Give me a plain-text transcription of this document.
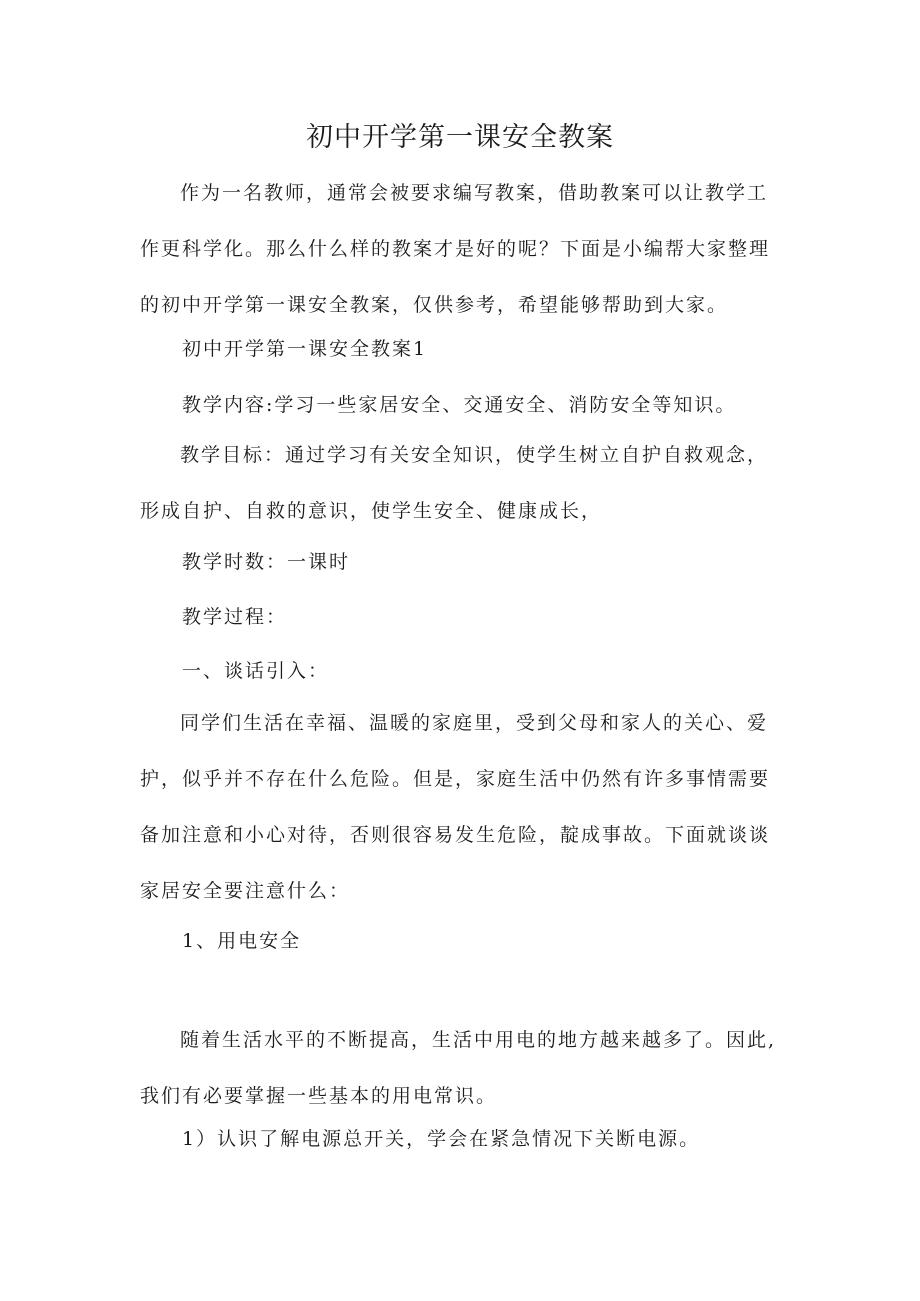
初中开学第一课安全教案

作为一名教师，通常会被要求编写教案，借助教案可以让教学工作更科学化。那么什么样的教案才是好的呢？下面是小编帮大家整理的初中开学第一课安全教案，仅供参考，希望能够帮助到大家。

初中开学第一课安全教案1
教学内容:学习一些家居安全、交通安全、消防安全等知识。

教学目标：通过学习有关安全知识，使学生树立自护自救观念，形成自护、自救的意识，使学生安全、健康成长，

教学时数：一课时
教学过程：
一、谈话引入：

同学们生活在幸福、温暖的家庭里，受到父母和家人的关心、爱护，似乎并不存在什么危险。但是，家庭生活中仍然有许多事情需要备加注意和小心对待，否则很容易发生危险，靛成事故。下面就谈谈家居安全要注意什么：

1、用电安全

随着生活水平的不断提高，生活中用电的地方越来越多了。因此,我们有必要掌握一些基本的用电常识。

1）认识了解电源总开关，学会在紧急情况下关断电源。
